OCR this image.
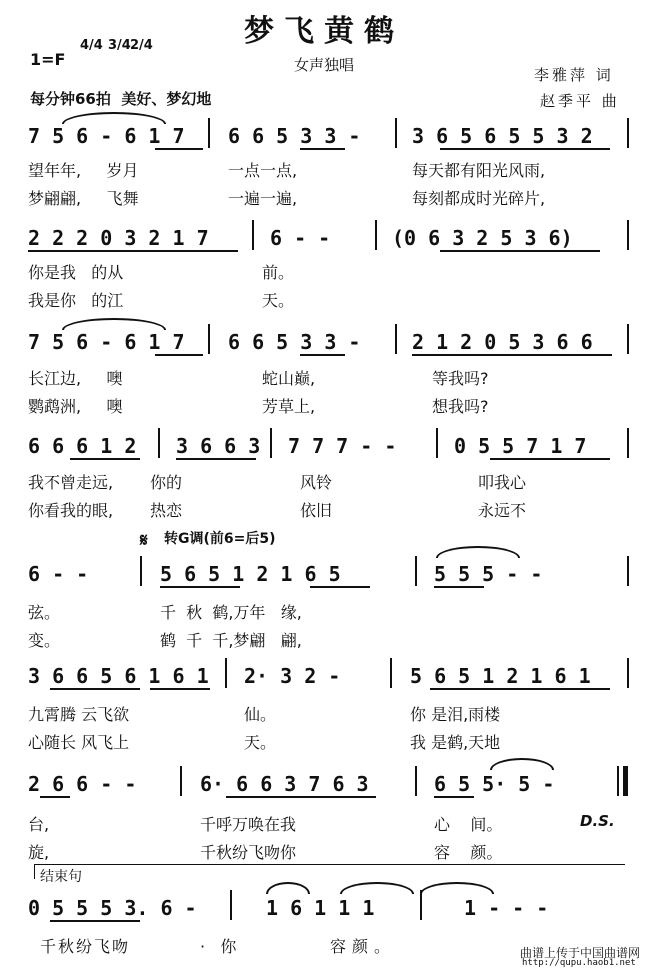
梦飞黄鹤
女声独唱
1=F
4/4 3/4 2/4
每分钟66拍  美好、梦幻地
李雅萍 词
赵季平 曲
7 5 6 - 6 1 7 6 6 5 3 3 -	3 6 5 6 5 5 3 2
望年年,     岁月	一点一点,	每天都有阳光风雨,
梦翩翩,     飞舞	一遍一遍,	每刻都成时光碎片,
2 2 2 0 3 2 1 7	6 - -	(0 6 3 2 5 3 6)
你是我   的从	前。
我是你   的江	天。
7 5 6 - 6 1 7 6 6 5 3 3 -	2 1 2 0 5 3 6 6
长江边,     噢	蛇山巅,	等我吗?
鹦鹉洲,     噢	芳草上,	想我吗?
6 6 6 1 2 3 6 6 3 7 7 7 - -	0 5 5 7 1 7
我不曾走远, 你的	风铃	叩我心
你看我的眼, 热恋	依旧	永远不
𝄋 转G调(前6=后5)
6 - -	5 6 5 1 2 1 6 5	5 5 5 - -
弦。	千  秋  鹤,万年   缘,
变。	鹤  千  千,梦翩   翩,
3 6 6 5 6 1 6 1 2· 3 2 -	5 6 5 1 2 1 6 1
九霄腾 云飞欲	仙。	你 是泪,雨楼
心随长 风飞上	天。	我 是鹤,天地
2 6 6 - -	6· 6 6 3 7 6 3	6 5 5· 5 -
台,	千呼万唤在我	心    间。
旋,	千秋纷飞吻你	容    颜。
D.S.
结束句
0 5 5 5 3. 6 -	1 6 1 1 1	1 - - -
千秋纷飞吻	·   你	容颜。	曲谱上传于中国曲谱网
http://qupu.haob1.net
